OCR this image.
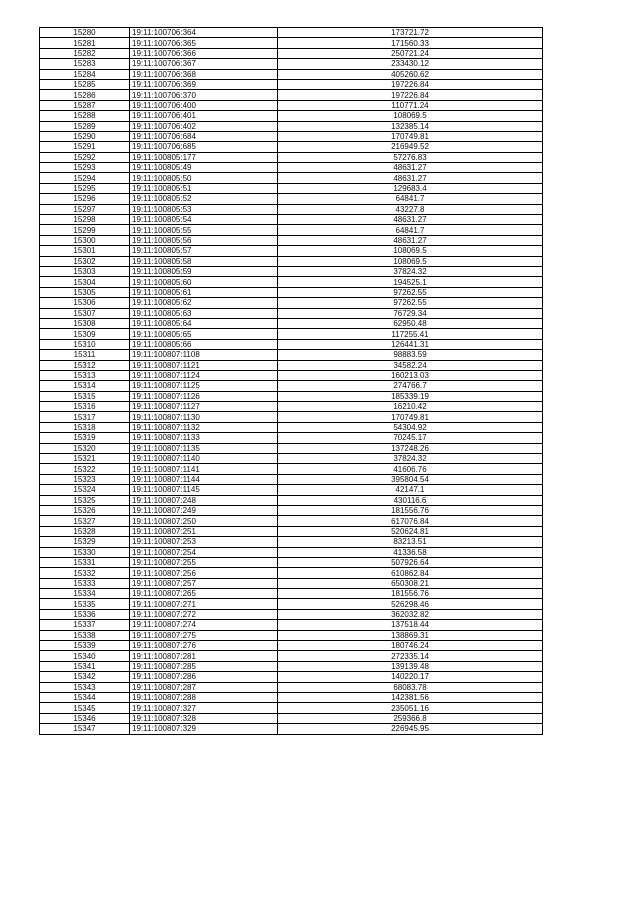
15280	19:11:100706:364	173721.72
15281	19:11:100706:365	171560.33
15282	19:11:100706:366	250721.24
15283	19:11:100706:367	233430.12
15284	19:11:100706:368	405260.62
15285	19:11:100706:369	197226.84
15286	19:11:100706:370	197226.84
15287	19:11:100706:400	110771.24
15288	19:11:100706:401	108069.5
15289	19:11:100706:402	132385.14
15290	19:11:100706:684	170749.81
15291	19:11:100706:685	216949.52
15292	19:11:100805:177	57276.83
15293	19:11:100805:49	48631.27
15294	19:11:100805:50	48631.27
15295	19:11:100805:51	129683.4
15296	19:11:100805:52	64841.7
15297	19:11:100805:53	43227.8
15298	19:11:100805:54	48631.27
15299	19:11:100805:55	64841.7
15300	19:11:100805:56	48631.27
15301	19:11:100805:57	108069.5
15302	19:11:100805:58	108069.5
15303	19:11:100805:59	37824.32
15304	19:11:100805:60	194525.1
15305	19:11:100805:61	97262.55
15306	19:11:100805:62	97262.55
15307	19:11:100805:63	76729.34
15308	19:11:100805:64	62950.48
15309	19:11:100805:65	117255.41
15310	19:11:100805:66	126441.31
15311	19:11:100807:1108	98883.59
15312	19:11:100807:1121	34582.24
15313	19:11:100807:1124	160213.03
15314	19:11:100807:1125	274766.7
15315	19:11:100807:1126	185339.19
15316	19:11:100807:1127	16210.42
15317	19:11:100807:1130	170749.81
15318	19:11:100807:1132	54304.92
15319	19:11:100807:1133	70245.17
15320	19:11:100807:1135	137248.26
15321	19:11:100807:1140	37824.32
15322	19:11:100807:1141	41606.76
15323	19:11:100807:1144	395804.54
15324	19:11:100807:1145	42147.1
15325	19:11:100807:248	430116.6
15326	19:11:100807:249	181556.76
15327	19:11:100807:250	617076.84
15328	19:11:100807:251	520624.81
15329	19:11:100807:253	83213.51
15330	19:11:100807:254	41336.58
15331	19:11:100807:255	507926.64
15332	19:11:100807:256	610862.84
15333	19:11:100807:257	650308.21
15334	19:11:100807:265	181556.76
15335	19:11:100807:271	526298.46
15336	19:11:100807:272	362032.82
15337	19:11:100807:274	137518.44
15338	19:11:100807:275	138869.31
15339	19:11:100807:276	180746.24
15340	19:11:100807:281	272335.14
15341	19:11:100807:285	139139.48
15342	19:11:100807:286	140220.17
15343	19:11:100807:287	68083.78
15344	19:11:100807:288	142381.56
15345	19:11:100807:327	235051.16
15346	19:11:100807:328	259366.8
15347	19:11:100807:329	226945.95
